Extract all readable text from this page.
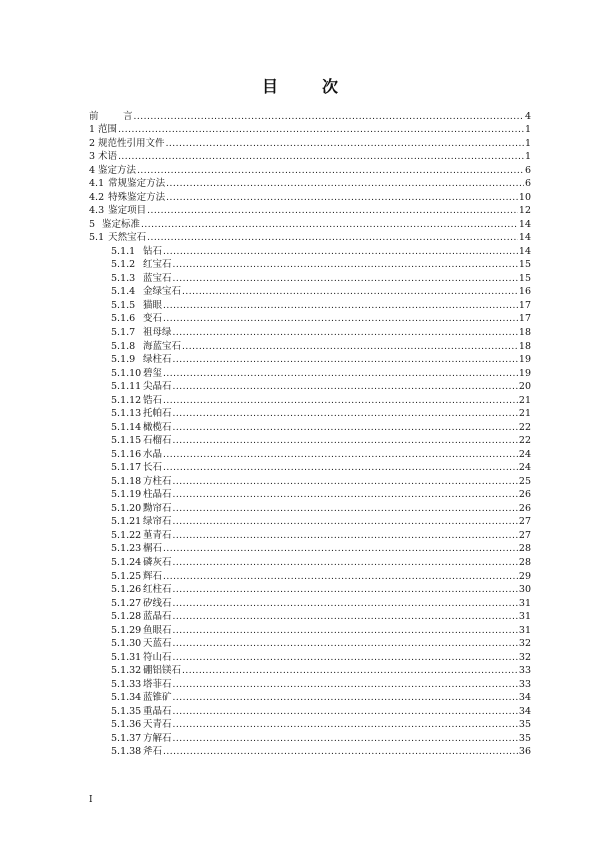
目　次
前	言 .....	4
1 范围 .....	1
2 规范性引用文件 .....	1
3 术语 .....	1
4 鉴定方法 .....	6
4.1 常规鉴定方法 .....	6
4.2 特殊鉴定方法 .....	10
4.3 鉴定项目 .....	12
5 鉴定标准 .....	14
5.1 天然宝石 .....	14
5.1.1 钻石 .....	14
5.1.2 红宝石 .....	15
5.1.3 蓝宝石 .....	15
5.1.4 金绿宝石 .....	16
5.1.5 猫眼 .....	17
5.1.6 变石 .....	17
5.1.7 祖母绿 .....	18
5.1.8 海蓝宝石 .....	18
5.1.9 绿柱石 .....	19
5.1.10 碧玺 .....	19
5.1.11 尖晶石 .....	20
5.1.12 锆石 .....	21
5.1.13 托帕石 .....	21
5.1.14 橄榄石 .....	22
5.1.15 石榴石 .....	22
5.1.16 水晶 .....	24
5.1.17 长石 .....	24
5.1.18 方柱石 .....	25
5.1.19 柱晶石 .....	26
5.1.20 黝帘石 .....	26
5.1.21 绿帘石 .....	27
5.1.22 堇青石 .....	27
5.1.23 榍石 .....	28
5.1.24 磷灰石 .....	28
5.1.25 辉石 .....	29
5.1.26 红柱石 .....	30
5.1.27 矽线石 .....	31
5.1.28 蓝晶石 .....	31
5.1.29 鱼眼石 .....	31
5.1.30 天蓝石 .....	32
5.1.31 符山石 .....	32
5.1.32 硼铝镁石 .....	33
5.1.33 塔菲石 .....	33
5.1.34 蓝锥矿 .....	34
5.1.35 重晶石 .....	34
5.1.36 天青石 .....	35
5.1.37 方解石 .....	35
5.1.38 斧石 .....	36
I
